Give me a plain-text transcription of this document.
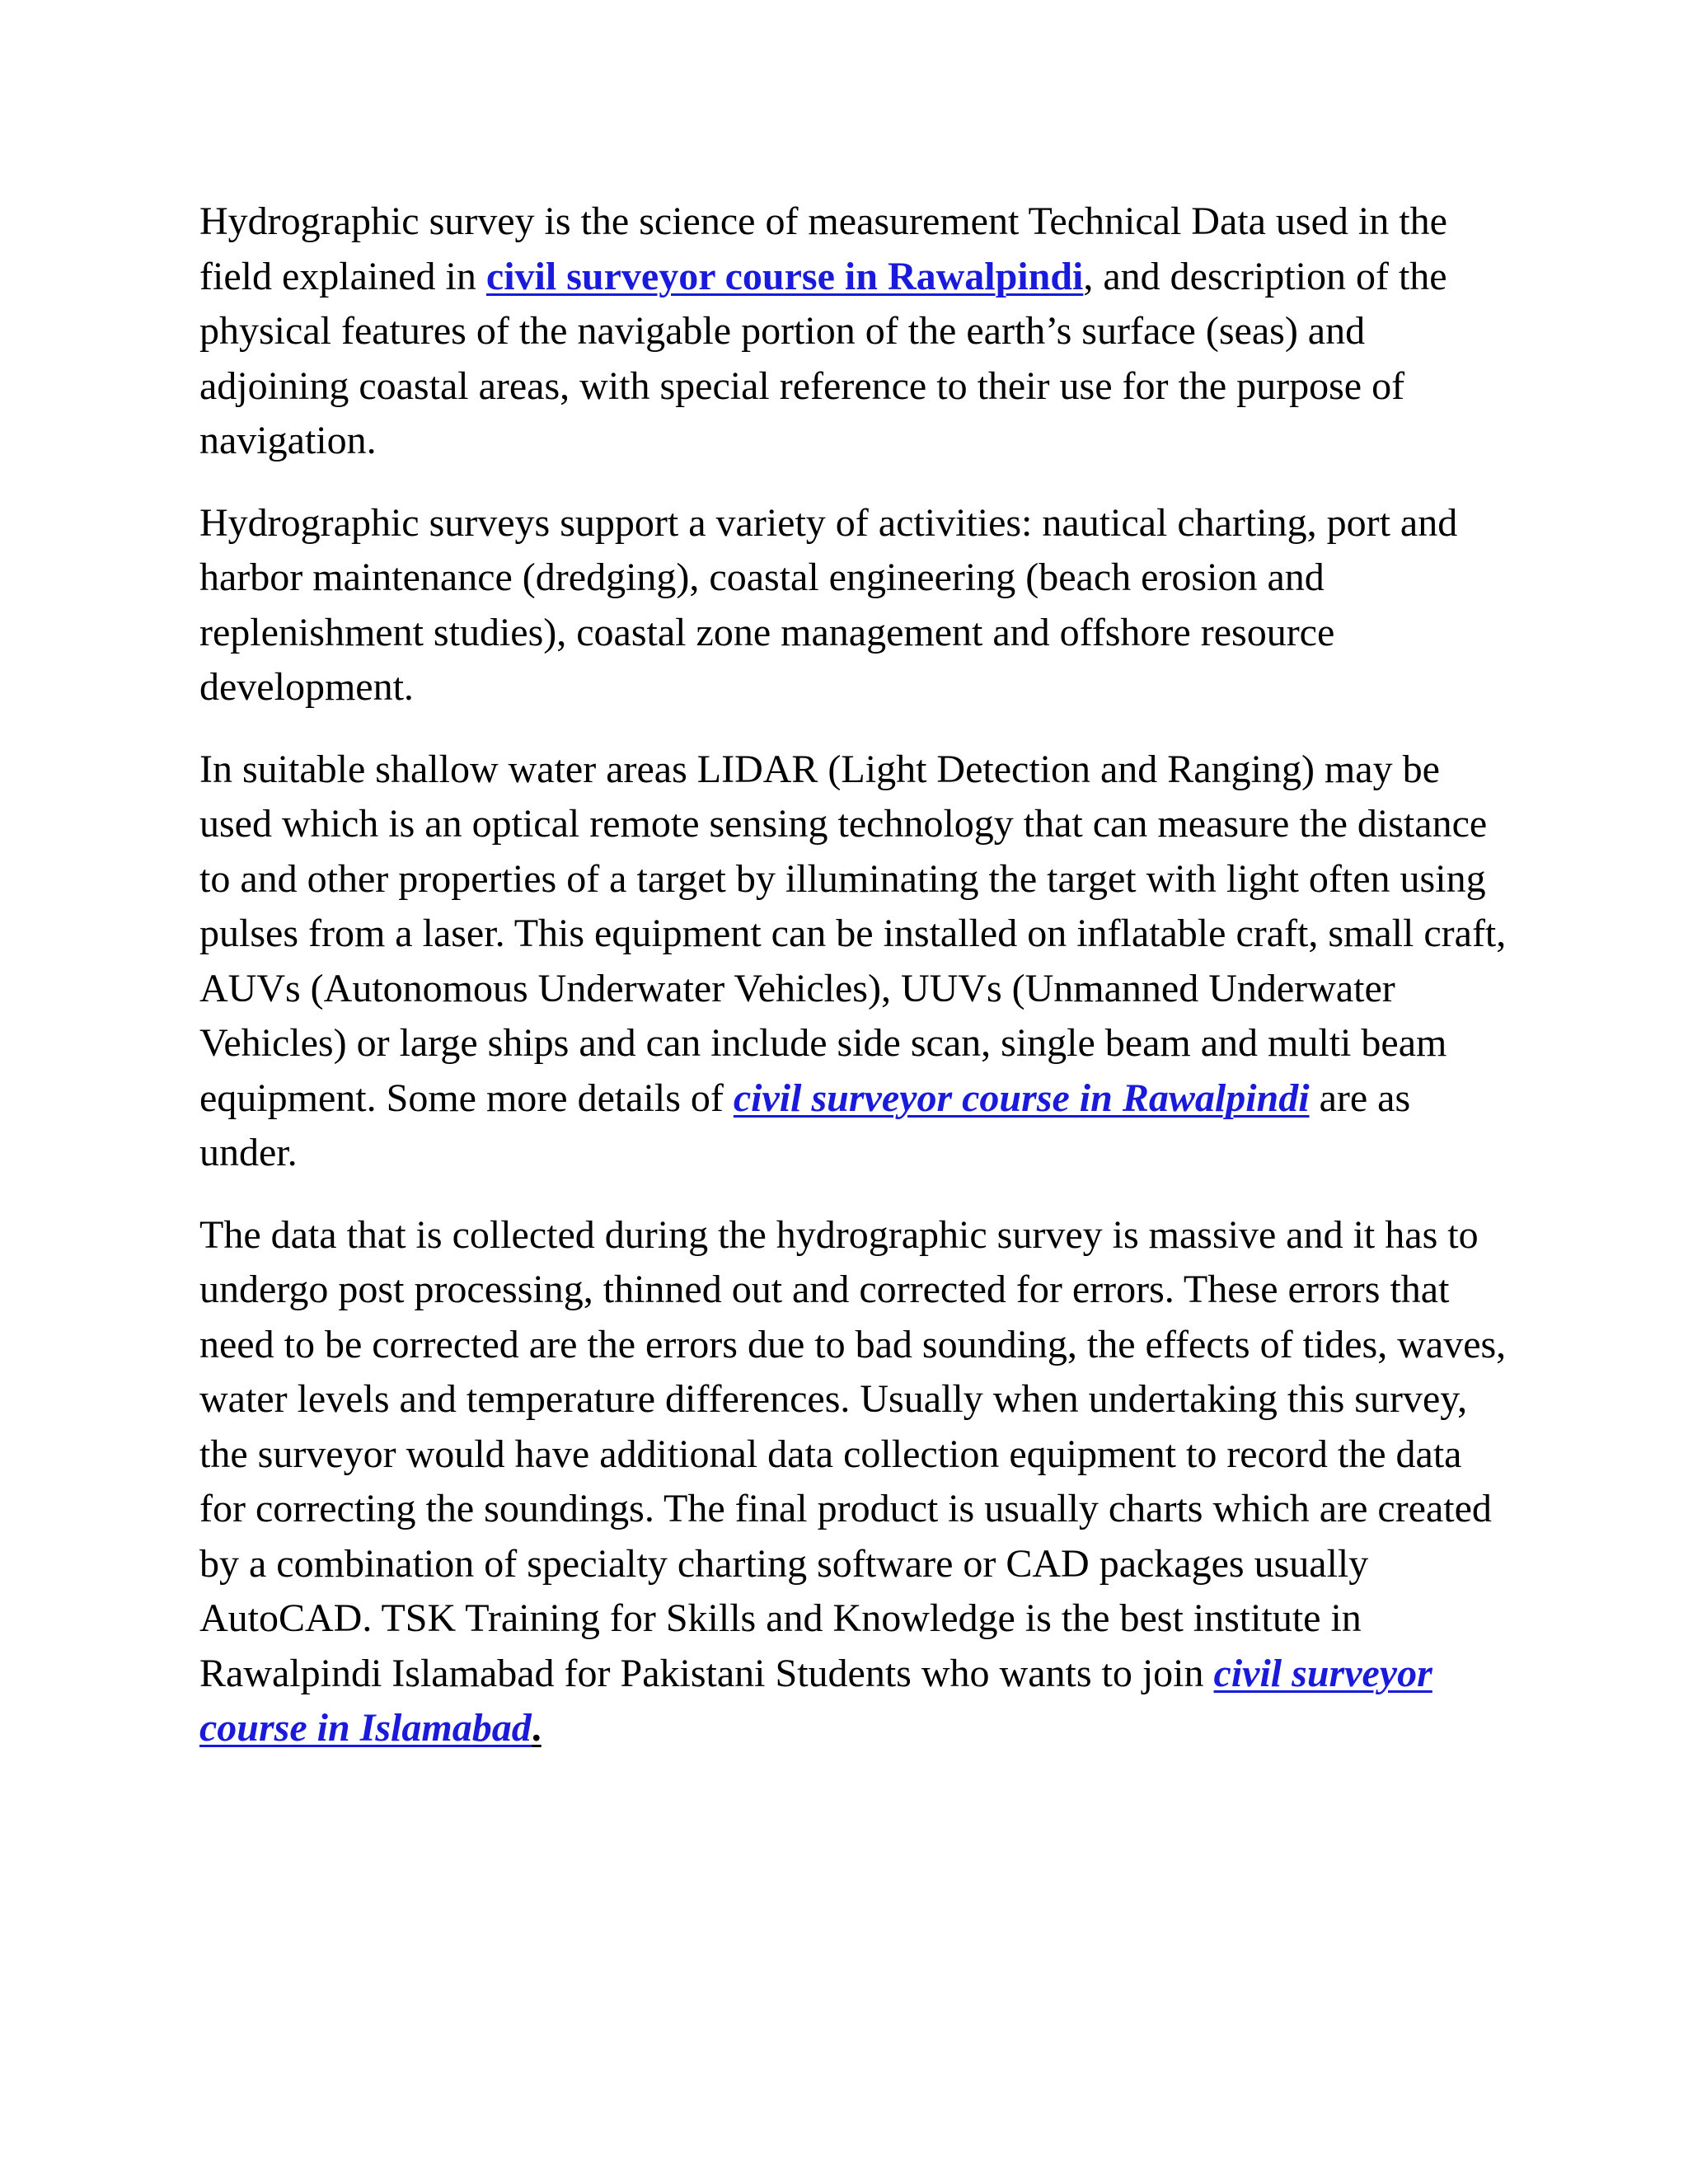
Hydrographic survey is the science of measurement Technical Data used in the field explained in civil surveyor course in Rawalpindi, and description of the physical features of the navigable portion of the earth’s surface (seas) and adjoining coastal areas, with special reference to their use for the purpose of navigation.

Hydrographic surveys support a variety of activities: nautical charting, port and harbor maintenance (dredging), coastal engineering (beach erosion and replenishment studies), coastal zone management and offshore resource development.

In suitable shallow water areas LIDAR (Light Detection and Ranging) may be used which is an optical remote sensing technology that can measure the distance to and other properties of a target by illuminating the target with light often using pulses from a laser. This equipment can be installed on inflatable craft, small craft, AUVs (Autonomous Underwater Vehicles), UUVs (Unmanned Underwater Vehicles) or large ships and can include side scan, single beam and multi beam equipment. Some more details of civil surveyor course in Rawalpindi are as under.

The data that is collected during the hydrographic survey is massive and it has to undergo post processing, thinned out and corrected for errors. These errors that need to be corrected are the errors due to bad sounding, the effects of tides, waves, water levels and temperature differences. Usually when undertaking this survey, the surveyor would have additional data collection equipment to record the data for correcting the soundings. The final product is usually charts which are created by a combination of specialty charting software or CAD packages usually AutoCAD. TSK Training for Skills and Knowledge is the best institute in Rawalpindi Islamabad for Pakistani Students who wants to join civil surveyor course in Islamabad.
